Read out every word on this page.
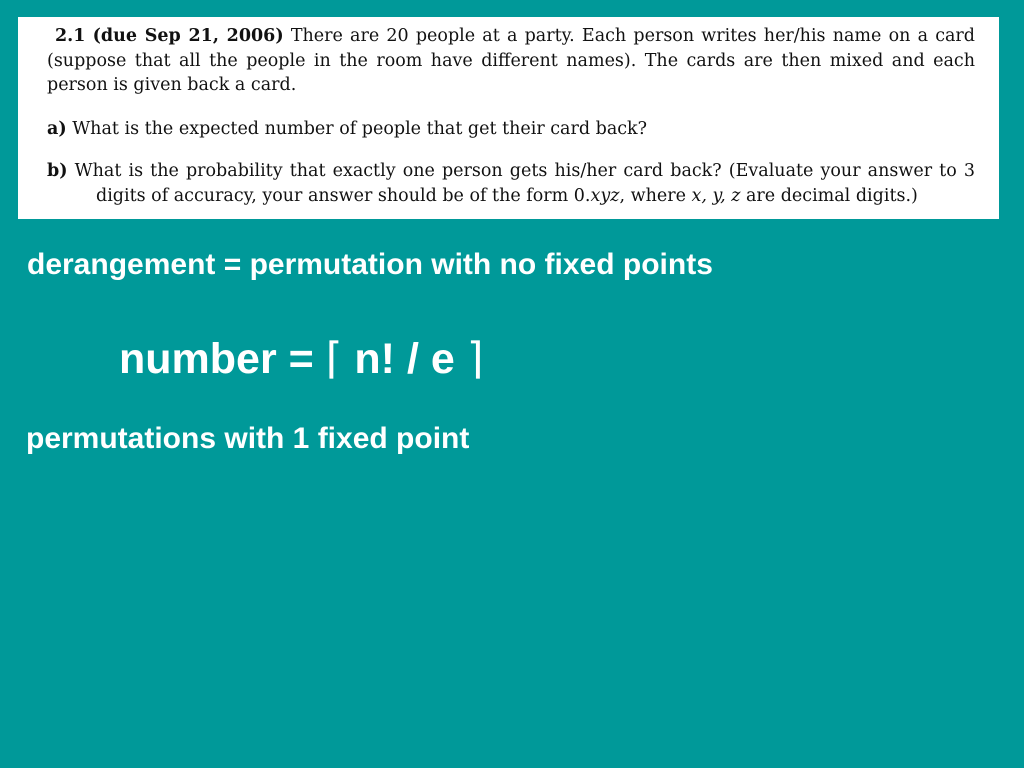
2.1 (due Sep 21, 2006) There are 20 people at a party. Each person writes her/his name on a card (suppose that all the people in the room have different names). The cards are then mixed and each person is given back a card.

a) What is the expected number of people that get their card back?

b) What is the probability that exactly one person gets his/her card back? (Evaluate your answer to 3 digits of accuracy, your answer should be of the form 0.xyz, where x, y, z are decimal digits.)

derangement = permutation with no fixed points
number = ⌈ n! / e ⌉
permutations with 1 fixed point
